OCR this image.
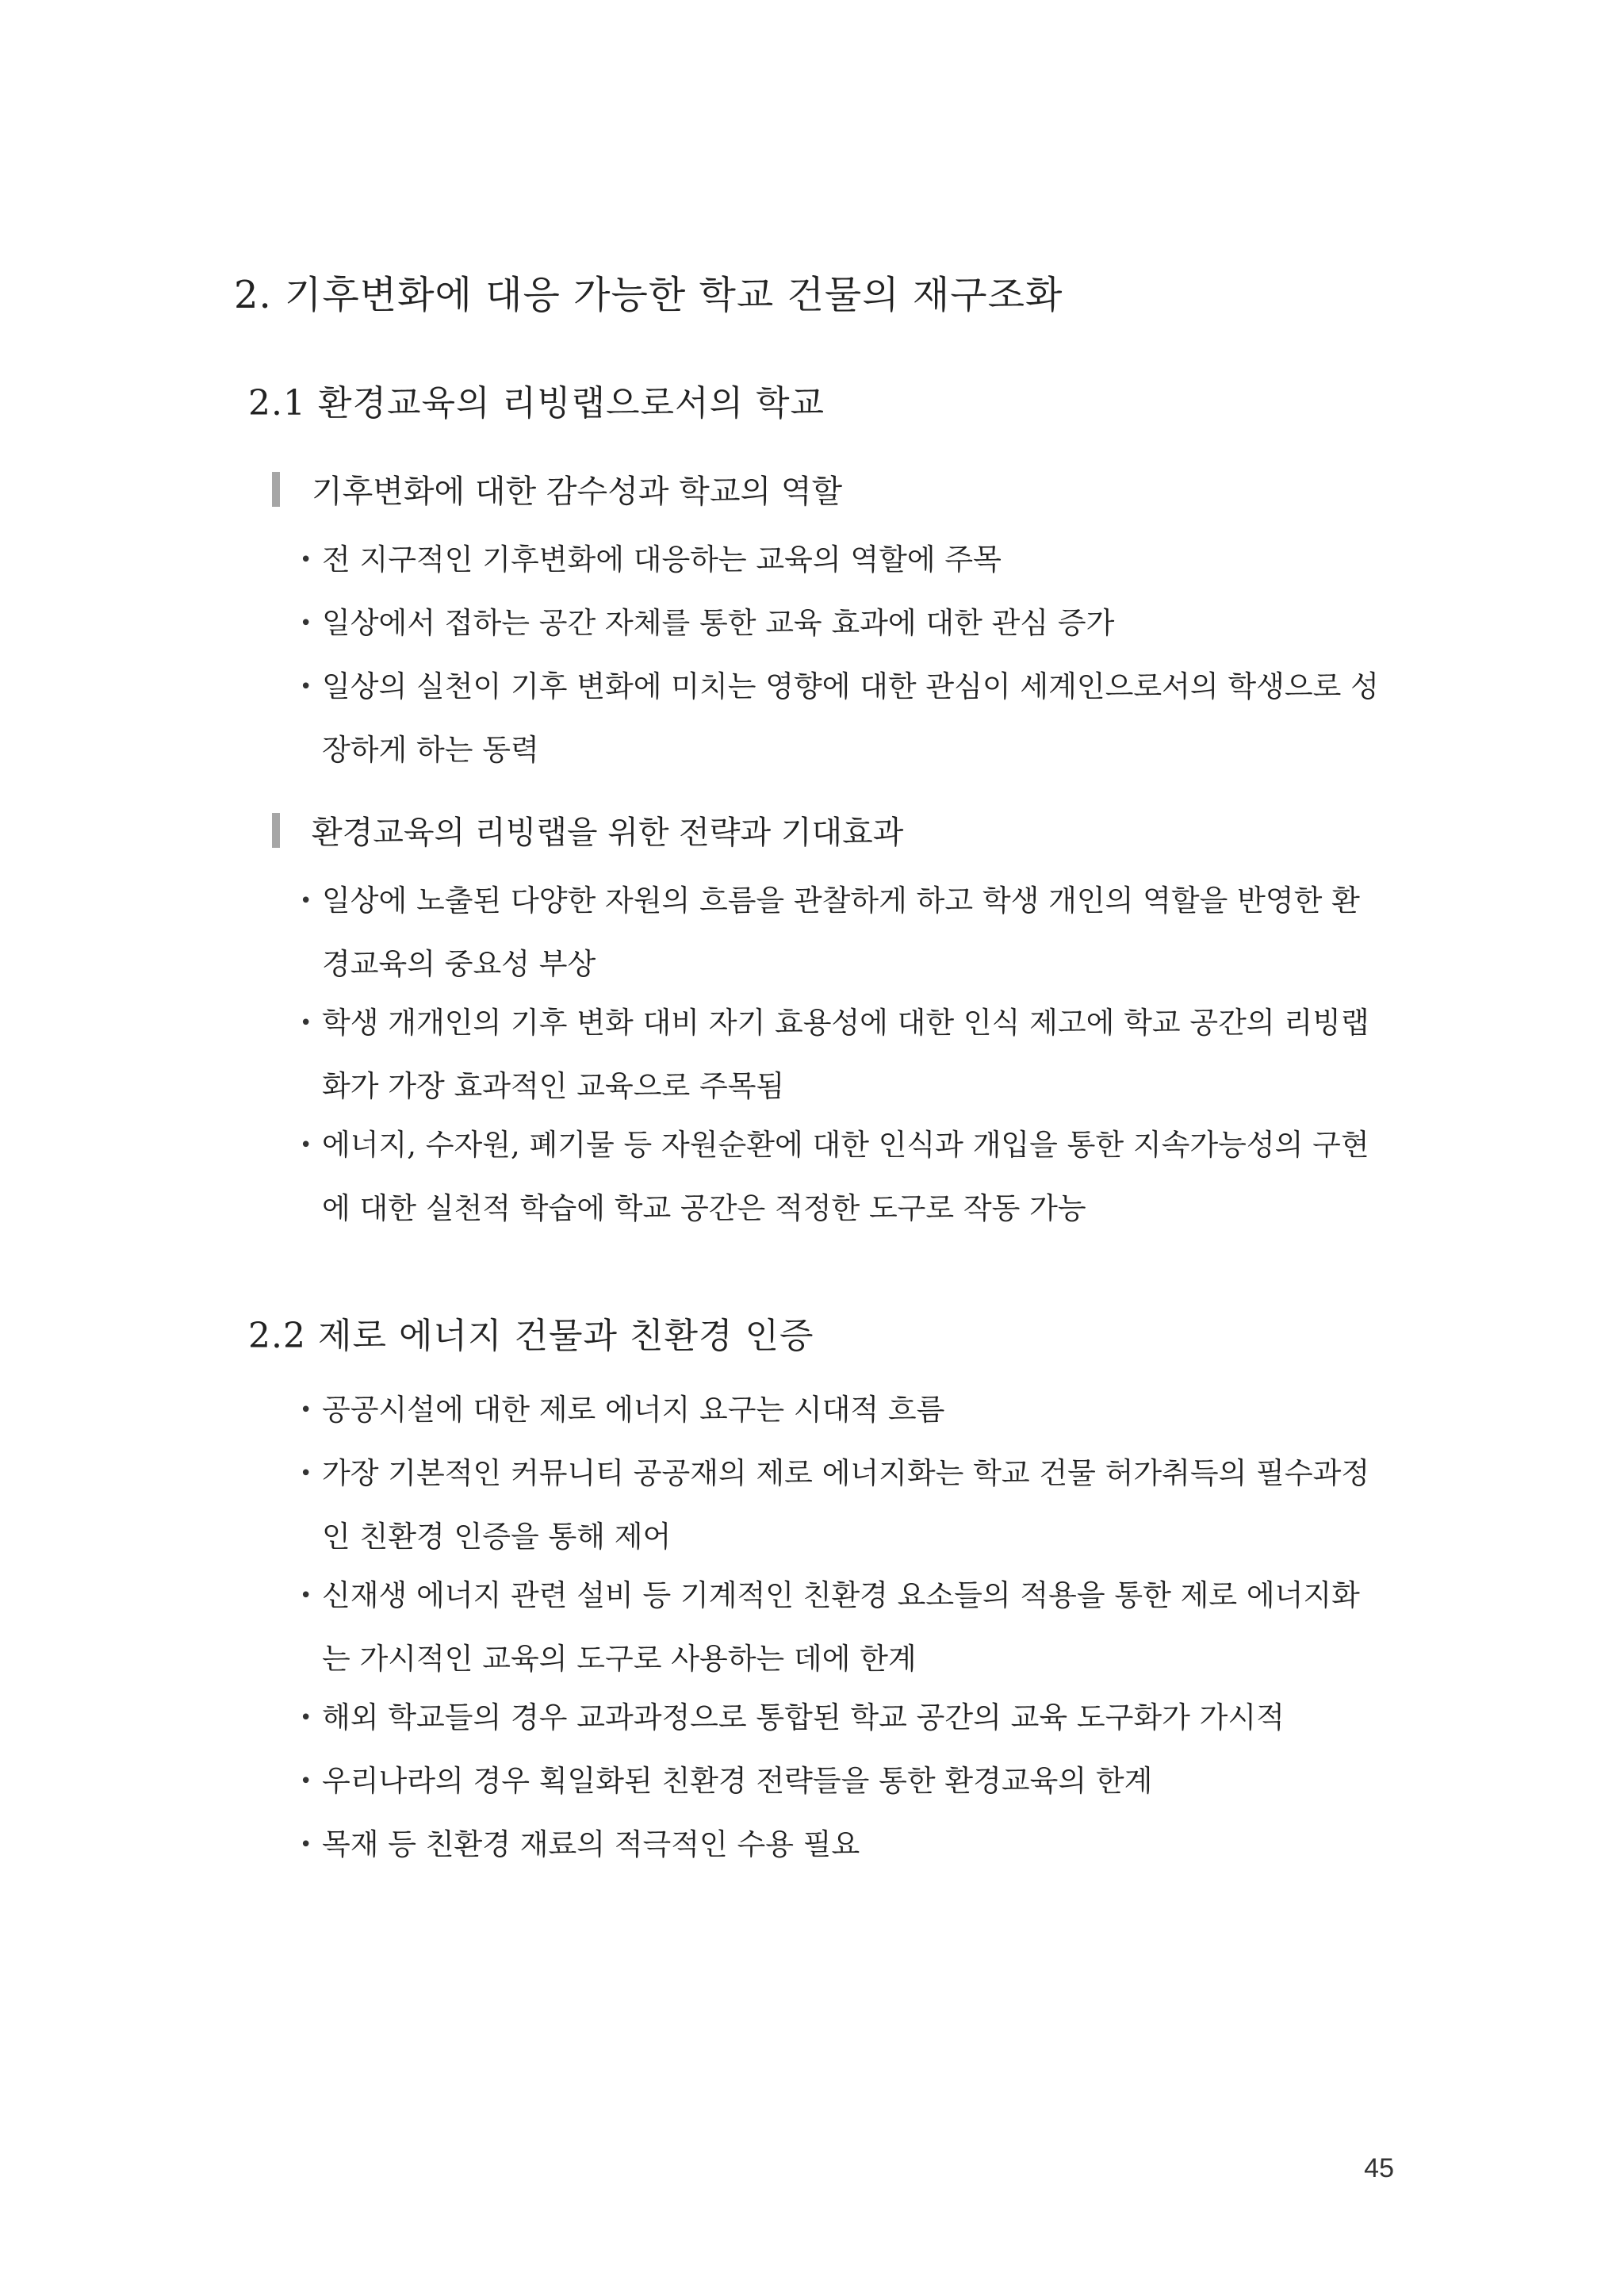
2. 기후변화에 대응 가능한 학교 건물의 재구조화
2.1 환경교육의 리빙랩으로서의 학교
기후변화에 대한 감수성과 학교의 역할
• 전 지구적인 기후변화에 대응하는 교육의 역할에 주목
• 일상에서 접하는 공간 자체를 통한 교육 효과에 대한 관심 증가
• 일상의 실천이 기후 변화에 미치는 영향에 대한 관심이 세계인으로서의 학생으로 성
장하게 하는 동력
환경교육의 리빙랩을 위한 전략과 기대효과
• 일상에 노출된 다양한 자원의 흐름을 관찰하게 하고 학생 개인의 역할을 반영한 환
경교육의 중요성 부상
• 학생 개개인의 기후 변화 대비 자기 효용성에 대한 인식 제고에 학교 공간의 리빙랩
화가 가장 효과적인 교육으로 주목됨
• 에너지, 수자원, 폐기물 등 자원순환에 대한 인식과 개입을 통한 지속가능성의 구현
에 대한 실천적 학습에 학교 공간은 적정한 도구로 작동 가능
2.2 제로 에너지 건물과 친환경 인증
• 공공시설에 대한 제로 에너지 요구는 시대적 흐름
• 가장 기본적인 커뮤니티 공공재의 제로 에너지화는 학교 건물 허가취득의 필수과정
인 친환경 인증을 통해 제어
• 신재생 에너지 관련 설비 등 기계적인 친환경 요소들의 적용을 통한 제로 에너지화
는 가시적인 교육의 도구로 사용하는 데에 한계
• 해외 학교들의 경우 교과과정으로 통합된 학교 공간의 교육 도구화가 가시적
• 우리나라의 경우 획일화된 친환경 전략들을 통한 환경교육의 한계
• 목재 등 친환경 재료의 적극적인 수용 필요
45
